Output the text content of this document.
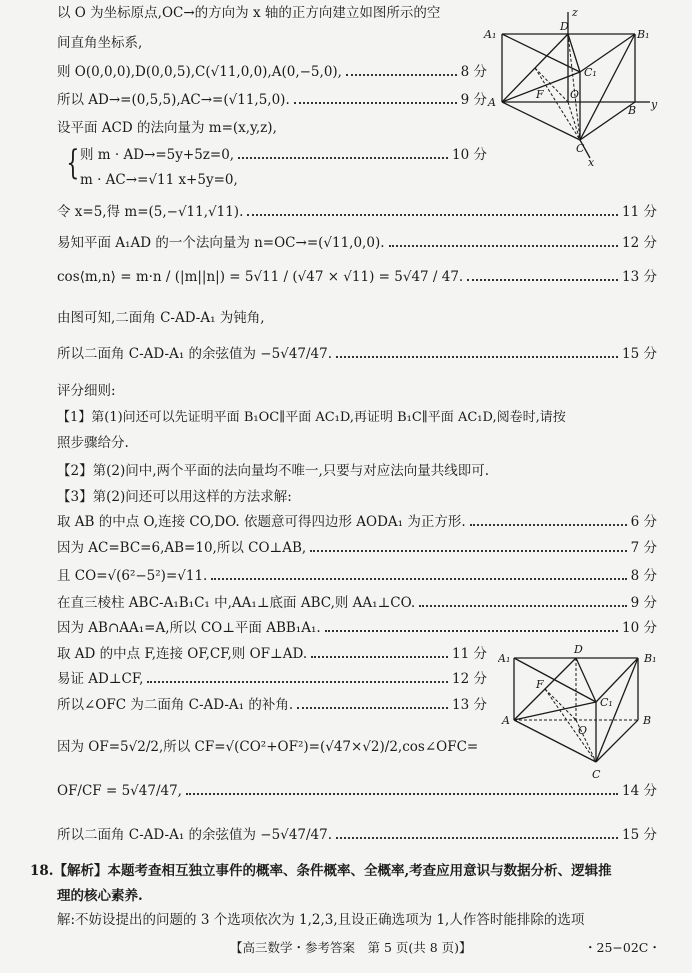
以 O 为坐标原点,OC→的方向为 x 轴的正方向建立如图所示的空
间直角坐标系,
则 O(0,0,0),D(0,0,5),C(√11,0,0),A(0,−5,0),	8 分
所以 AD→=(0,5,5),AC→=(√11,5,0).	9 分
设平面 ACD 的法向量为 m=(x,y,z),
{ 则 m · AD→=5y+5z=0,	10 分
m · AC→=√11 x+5y=0,
令 x=5,得 m=(5,−√11,√11).	11 分
易知平面 A₁AD 的一个法向量为 n=OC→=(√11,0,0).	12 分
cos⟨m,n⟩ = m·n / (|m||n|) = 5√11 / (√47 × √11) = 5√47 / 47.	13 分
由图可知,二面角 C-AD-A₁ 为钝角,
所以二面角 C-AD-A₁ 的余弦值为 −5√47/47.	15 分
评分细则:
【1】第(1)问还可以先证明平面 B₁OC∥平面 AC₁D,再证明 B₁C∥平面 AC₁D,阅卷时,请按
照步骤给分.
【2】第(2)问中,两个平面的法向量均不唯一,只要与对应法向量共线即可.
【3】第(2)问还可以用这样的方法求解:
取 AB 的中点 O,连接 CO,DO. 依题意可得四边形 AODA₁ 为正方形.	6 分
因为 AC=BC=6,AB=10,所以 CO⊥AB,	7 分
且 CO=√(6²−5²)=√11.	8 分
在直三棱柱 ABC-A₁B₁C₁ 中,AA₁⊥底面 ABC,则 AA₁⊥CO.	9 分
因为 AB∩AA₁=A,所以 CO⊥平面 ABB₁A₁.	10 分
取 AD 的中点 F,连接 OF,CF,则 OF⊥AD.	11 分
易证 AD⊥CF,	12 分
所以∠OFC 为二面角 C-AD-A₁ 的补角.	13 分
因为 OF=5√2/2,所以 CF=√(CO²+OF²)=(√47×√2)/2,cos∠OFC=
OF/CF = 5√47/47,	14 分
所以二面角 C-AD-A₁ 的余弦值为 −5√47/47.	15 分
18.【解析】本题考查相互独立事件的概率、条件概率、全概率,考查应用意识与数据分析、逻辑推
理的核心素养.
解:不妨设提出的问题的 3 个选项依次为 1,2,3,且设正确选项为 1,人作答时能排除的选项
A₁
D
z
B₁
C₁
A
F O
B y
C
x
A₁
D
B₁
F
C₁
A
O
B
C
【高三数学・参考答案　第 5 页(共 8 页)】	・25−02C・
